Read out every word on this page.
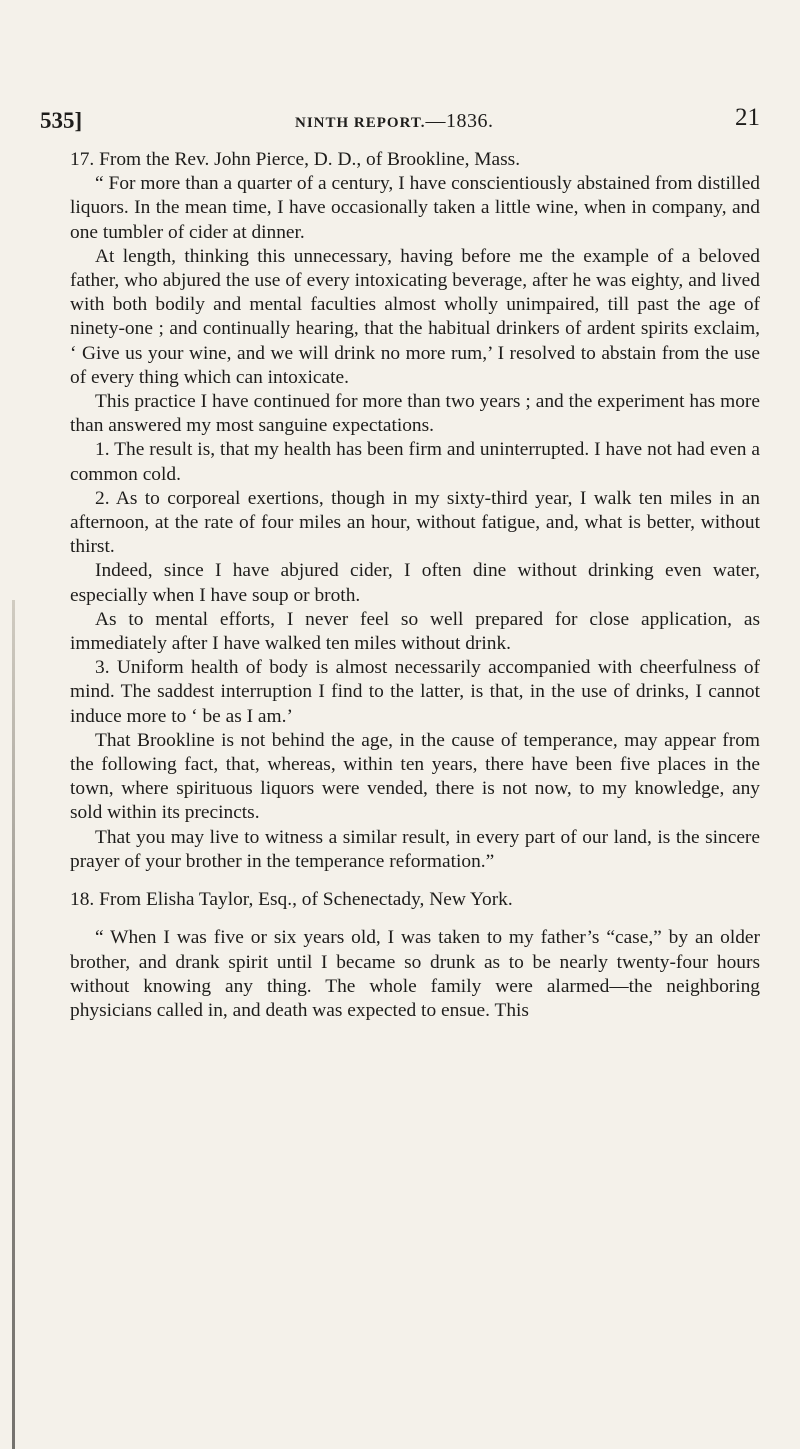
535]	NINTH REPORT.—1836.	21

17. From the Rev. John Pierce, D. D., of Brookline, Mass.

“ For more than a quarter of a century, I have conscientiously abstained from distilled liquors. In the mean time, I have occasionally taken a little wine, when in company, and one tumbler of cider at dinner.

At length, thinking this unnecessary, having before me the example of a beloved father, who abjured the use of every intoxicating beverage, after he was eighty, and lived with both bodily and mental faculties almost wholly unimpaired, till past the age of ninety-one ; and continually hearing, that the habitual drinkers of ardent spirits exclaim, ‘ Give us your wine, and we will drink no more rum,’ I resolved to abstain from the use of every thing which can intoxicate.

This practice I have continued for more than two years ; and the experiment has more than answered my most sanguine expectations.

1. The result is, that my health has been firm and uninterrupted. I have not had even a common cold.

2. As to corporeal exertions, though in my sixty-third year, I walk ten miles in an afternoon, at the rate of four miles an hour, without fatigue, and, what is better, without thirst.

Indeed, since I have abjured cider, I often dine without drinking even water, especially when I have soup or broth.

As to mental efforts, I never feel so well prepared for close application, as immediately after I have walked ten miles without drink.

3. Uniform health of body is almost necessarily accompanied with cheerfulness of mind. The saddest interruption I find to the latter, is that, in the use of drinks, I cannot induce more to ‘ be as I am.’

That Brookline is not behind the age, in the cause of temperance, may appear from the following fact, that, whereas, within ten years, there have been five places in the town, where spirituous liquors were vended, there is not now, to my knowledge, any sold within its precincts.

That you may live to witness a similar result, in every part of our land, is the sincere prayer of your brother in the temperance reformation.”

18. From Elisha Taylor, Esq., of Schenectady, New York.

“ When I was five or six years old, I was taken to my father’s “case,” by an older brother, and drank spirit until I became so drunk as to be nearly twenty-four hours without knowing any thing. The whole family were alarmed—the neighboring physicians called in, and death was expected to ensue. This
